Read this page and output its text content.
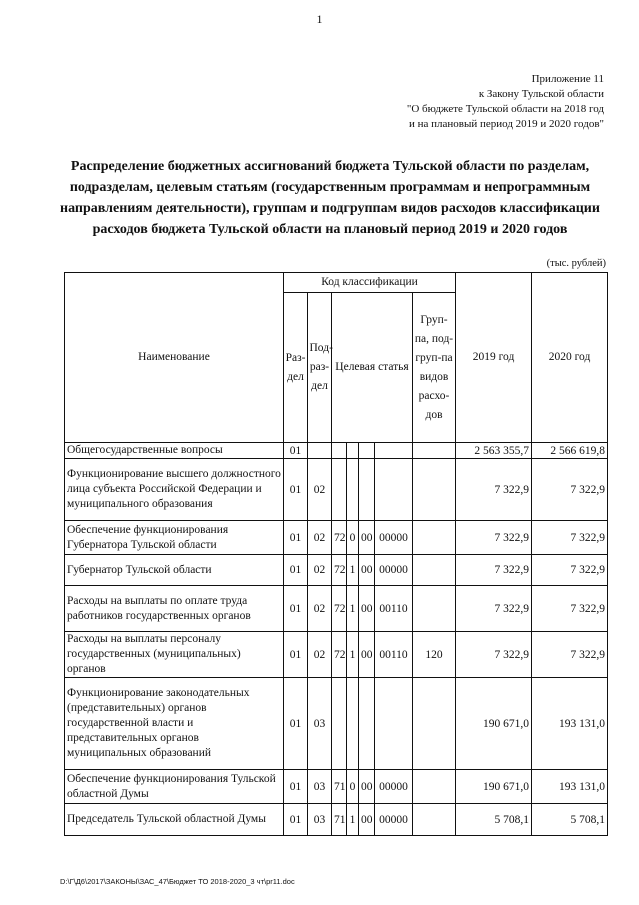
1
Приложение 11
к Закону Тульской области
"О бюджете Тульской области на 2018 год
и на плановый период 2019 и 2020 годов"
Распределение бюджетных ассигнований бюджета Тульской области по разделам, подразделам, целевым статьям (государственным программам и непрограммным направлениям деятельности), группам и подгруппам видов расходов классификации расходов бюджета Тульской области на плановый период 2019 и 2020 годов
(тыс. рублей)
Наименование	Код классификации							2019 год	2020 год

	Раз-дел	Под-раз-дел	Целевая статья				Груп-па, под-груп-па видов расхо-дов		

Общегосударственные вопросы	01							2 563 355,7	2 566 619,8
Функционирование высшего должностного лица субъекта Российской Федерации и муниципального образования	01	02						7 322,9	7 322,9
Обеспечение функционирования Губернатора Тульской области	01	02	72	0	00	00000		7 322,9	7 322,9
Губернатор Тульской области	01	02	72	1	00	00000		7 322,9	7 322,9
Расходы на выплаты по оплате труда работников государственных органов	01	02	72	1	00	00110		7 322,9	7 322,9
Расходы на выплаты персоналу государственных (муниципальных) органов	01	02	72	1	00	00110	120	7 322,9	7 322,9
Функционирование законодательных (представительных) органов государственной власти и представительных органов муниципальных образований	01	03						190 671,0	193 131,0
Обеспечение функционирования Тульской областной Думы	01	03	71	0	00	00000		190 671,0	193 131,0
Председатель Тульской областной Думы	01	03	71	1	00	00000		5 708,1	5 708,1
D:\Г\Д6\2017\ЗАКОНЫ\ЗАС_47\Бюджет ТО 2018-2020_3 чт\pr11.doc
